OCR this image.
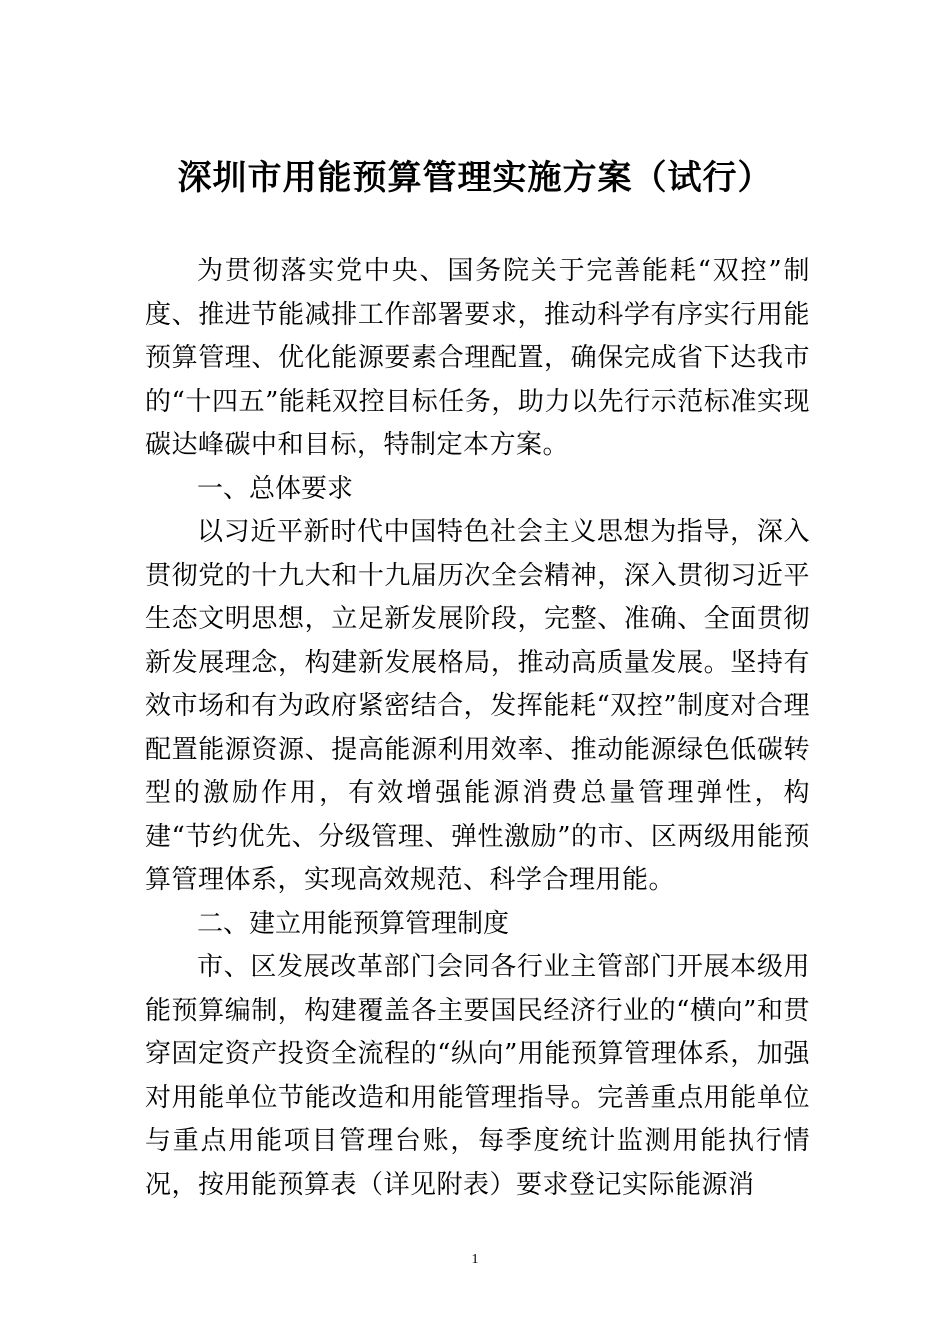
深圳市用能预算管理实施方案（试行）

为贯彻落实党中央、国务院关于完善能耗“双控”制度、推进节能减排工作部署要求，推动科学有序实行用能预算管理、优化能源要素合理配置，确保完成省下达我市的“十四五”能耗双控目标任务，助力以先行示范标准实现碳达峰碳中和目标，特制定本方案。

一、总体要求

以习近平新时代中国特色社会主义思想为指导，深入贯彻党的十九大和十九届历次全会精神，深入贯彻习近平生态文明思想，立足新发展阶段，完整、准确、全面贯彻新发展理念，构建新发展格局，推动高质量发展。坚持有效市场和有为政府紧密结合，发挥能耗“双控”制度对合理配置能源资源、提高能源利用效率、推动能源绿色低碳转型的激励作用，有效增强能源消费总量管理弹性，构建“节约优先、分级管理、弹性激励”的市、区两级用能预算管理体系，实现高效规范、科学合理用能。

二、建立用能预算管理制度

市、区发展改革部门会同各行业主管部门开展本级用能预算编制，构建覆盖各主要国民经济行业的“横向”和贯穿固定资产投资全流程的“纵向”用能预算管理体系，加强对用能单位节能改造和用能管理指导。完善重点用能单位与重点用能项目管理台账，每季度统计监测用能执行情况，按用能预算表（详见附表）要求登记实际能源消

1
